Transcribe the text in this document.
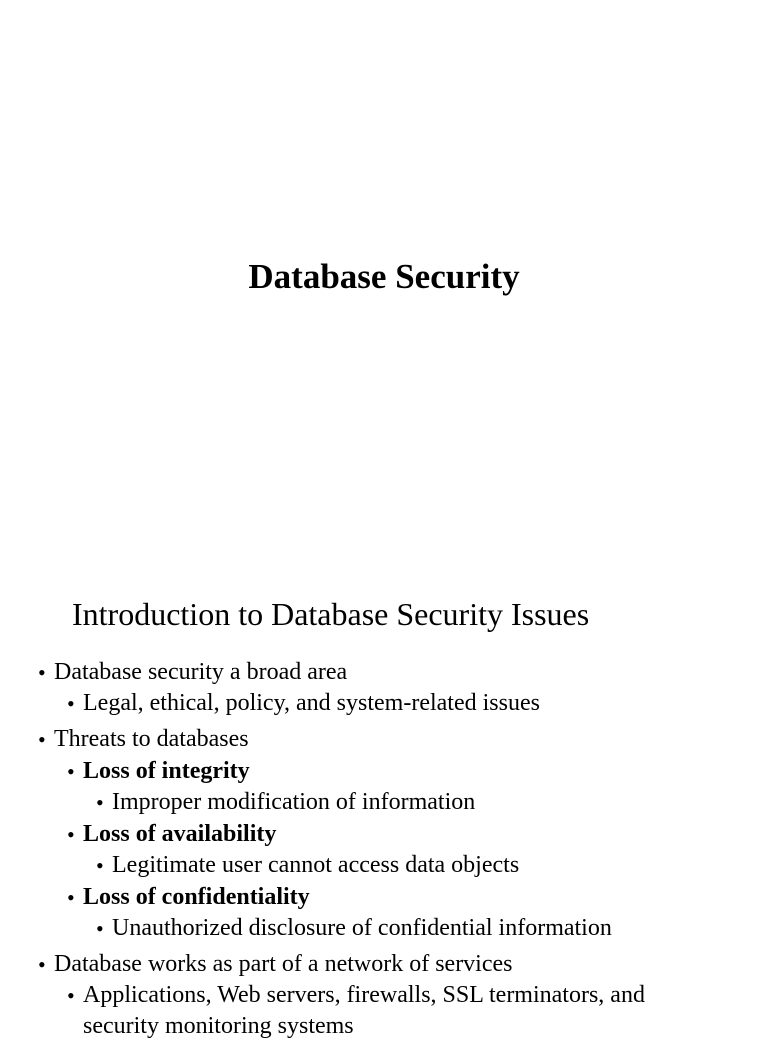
Database Security
Introduction to Database Security Issues
• Database security a broad area
• Legal, ethical, policy, and system-related issues
• Threats to databases
• Loss of integrity
• Improper modification of information
• Loss of availability
• Legitimate user cannot access data objects
• Loss of confidentiality
• Unauthorized disclosure of confidential information
• Database works as part of a network of services
• Applications, Web servers, firewalls, SSL terminators, and security monitoring systems
